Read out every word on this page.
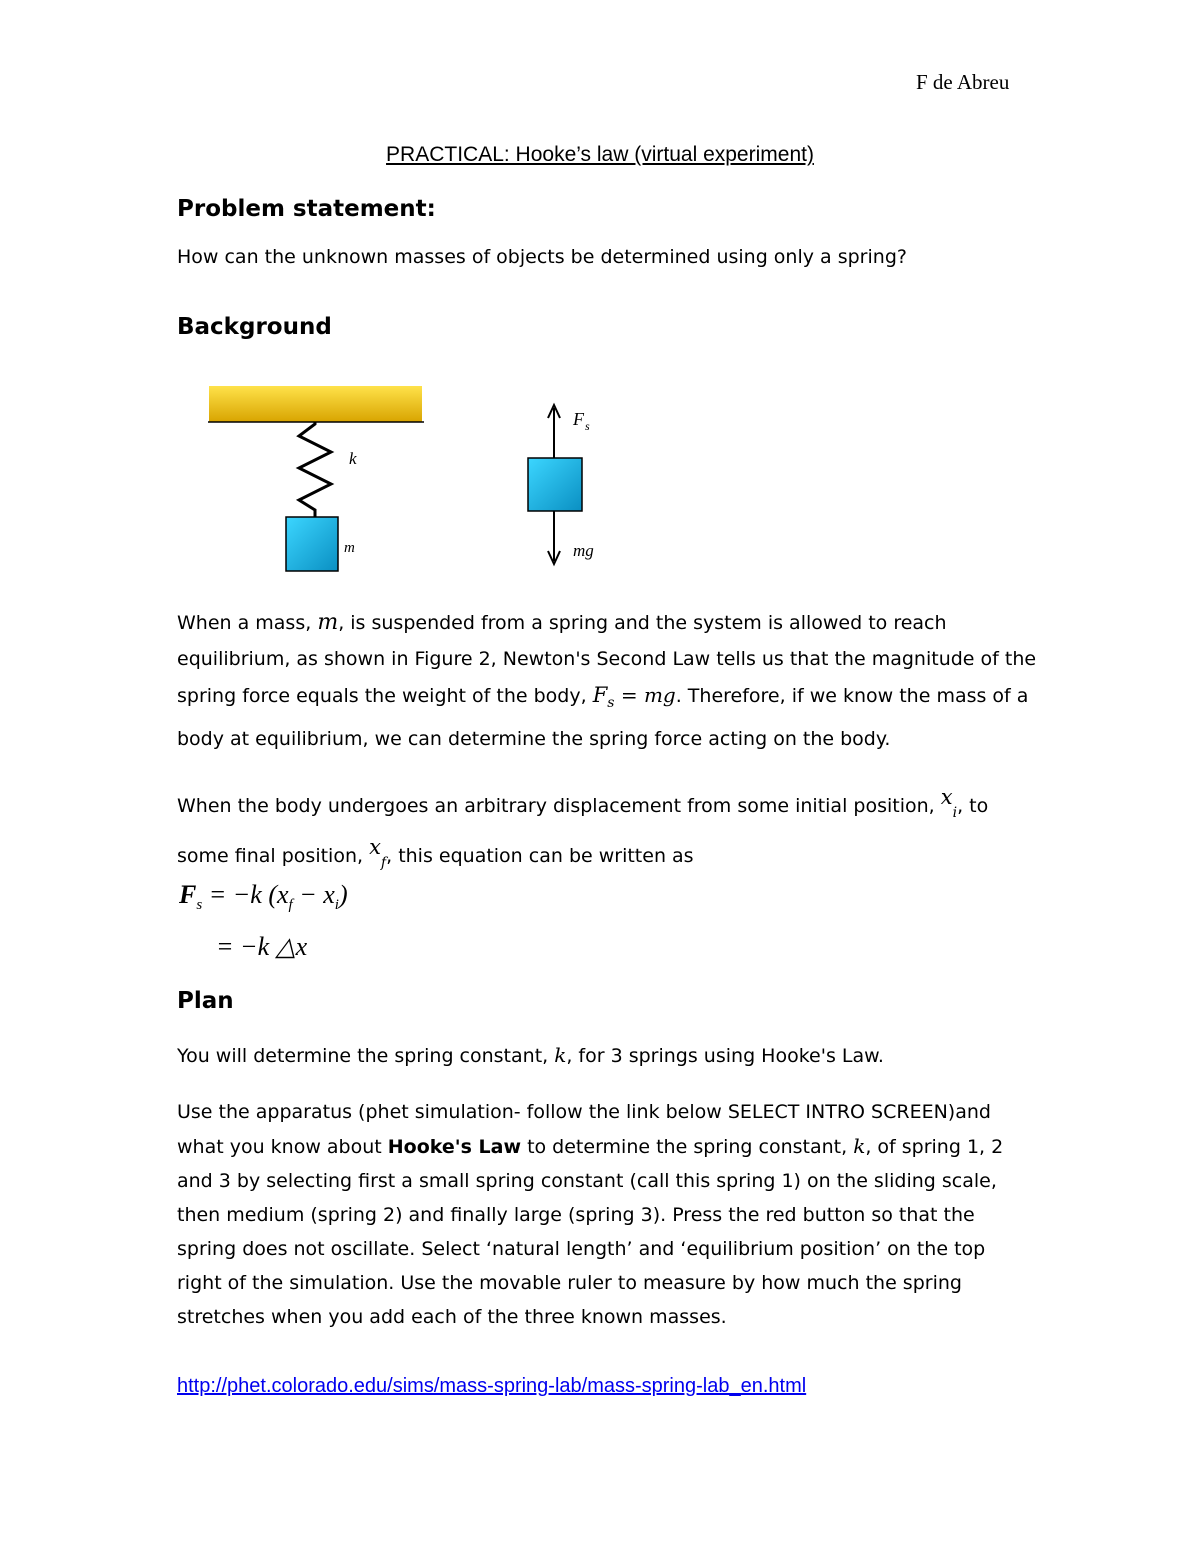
F de Abreu
PRACTICAL: Hooke’s law (virtual experiment)
Problem statement:
How can the unknown masses of objects be determined using only a spring?
Background
k
m
F s
mg
When a mass, m, is suspended from a spring and the system is allowed to reach equilibrium, as shown in Figure 2, Newton's Second Law tells us that the magnitude of the spring force equals the weight of the body, $F_s$ = mg. Therefore, if we know the mass of a body at equilibrium, we can determine the spring force acting on the body.
When the body undergoes an arbitrary displacement from some initial position, $x_i$, to some final position, $x_f$, this equation can be written as
$F_s = -k$ $(x_f - x_i)$
= −k △x
Plan
You will determine the spring constant, k, for 3 springs using Hooke's Law.
Use the apparatus (phet simulation- follow the link below SELECT INTRO SCREEN)and what you know about Hooke's Law to determine the spring constant, k, of spring 1, 2 and 3 by selecting first a small spring constant (call this spring 1) on the sliding scale, then medium (spring 2) and finally large (spring 3). Press the red button so that the spring does not oscillate. Select ‘natural length’ and ‘equilibrium position’ on the top right of the simulation. Use the movable ruler to measure by how much the spring stretches when you add each of the three known masses.
http://phet.colorado.edu/sims/mass-spring-lab/mass-spring-lab_en.html
